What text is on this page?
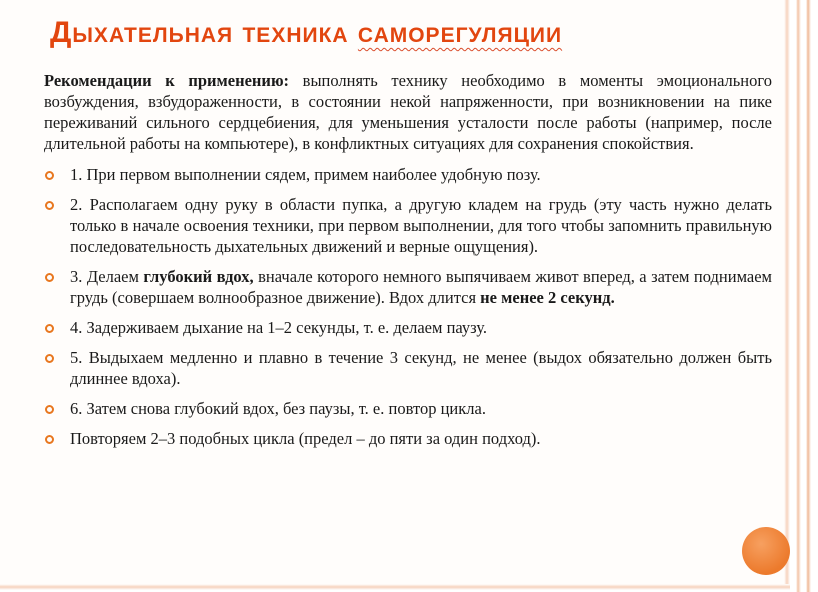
Дыхательная техника саморегуляции

Рекомендации к применению: выполнять технику необходимо в моменты эмоционального возбуждения, взбудораженности, в состоянии некой напряженности, при возникновении на пике переживаний сильного сердцебиения, для уменьшения усталости после работы (например, после длительной работы на компьютере), в конфликтных ситуациях для сохранения спокойствия.

1. При первом выполнении сядем, примем наиболее удобную позу.
2. Располагаем одну руку в области пупка, а другую кладем на грудь (эту часть нужно делать только в начале освоения техники, при первом выполнении, для того чтобы запомнить правильную последовательность дыхательных движений и верные ощущения).
3. Делаем глубокий вдох, вначале которого немного выпячиваем живот вперед, а затем поднимаем грудь (совершаем волнообразное движение). Вдох длится не менее 2 секунд.
4. Задерживаем дыхание на 1–2 секунды, т. е. делаем паузу.
5. Выдыхаем медленно и плавно в течение 3 секунд, не менее (выдох обязательно должен быть длиннее вдоха).
6. Затем снова глубокий вдох, без паузы, т. е. повтор цикла.
Повторяем 2–3 подобных цикла (предел – до пяти за один подход).
